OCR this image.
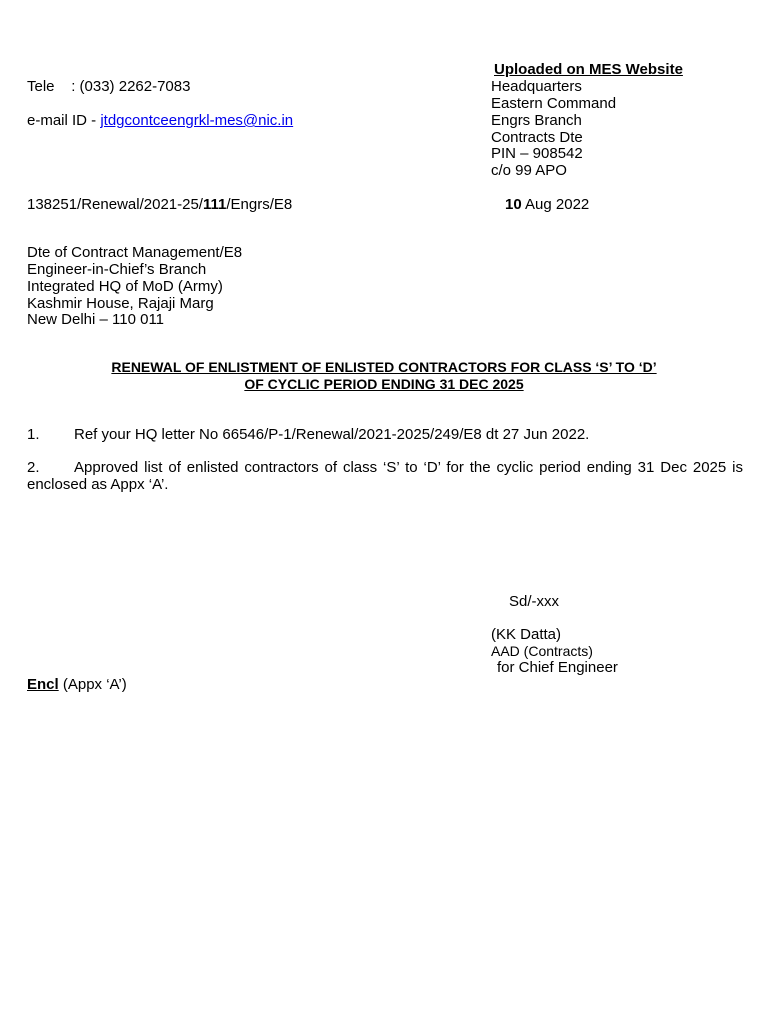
Uploaded on MES Website

Tele : (033) 2262-7083

e-mail ID - jtdgcontceengrkl-mes@nic.in

Headquarters

Eastern Command

Engrs Branch

Contracts Dte

PIN – 908542

c/o 99 APO

138251/Renewal/2021-25/111/Engrs/E8	10 Aug 2022

Dte of Contract Management/E8

Engineer-in-Chief’s Branch

Integrated HQ of MoD (Army)

Kashmir House, Rajaji Marg

New Delhi – 110 011

RENEWAL OF ENLISTMENT OF ENLISTED CONTRACTORS FOR CLASS ‘S’ TO ‘D’

OF CYCLIC PERIOD ENDING 31 DEC 2025

1. Ref your HQ letter No 66546/P-1/Renewal/2021-2025/249/E8 dt 27 Jun 2022.

2. Approved list of enlisted contractors of class ‘S’ to ‘D’ for the cyclic period ending 31 Dec 2025 is enclosed as Appx ‘A’.

Sd/-xxx

(KK Datta)

AAD (Contracts)

for Chief Engineer

Encl (Appx ‘A’)
